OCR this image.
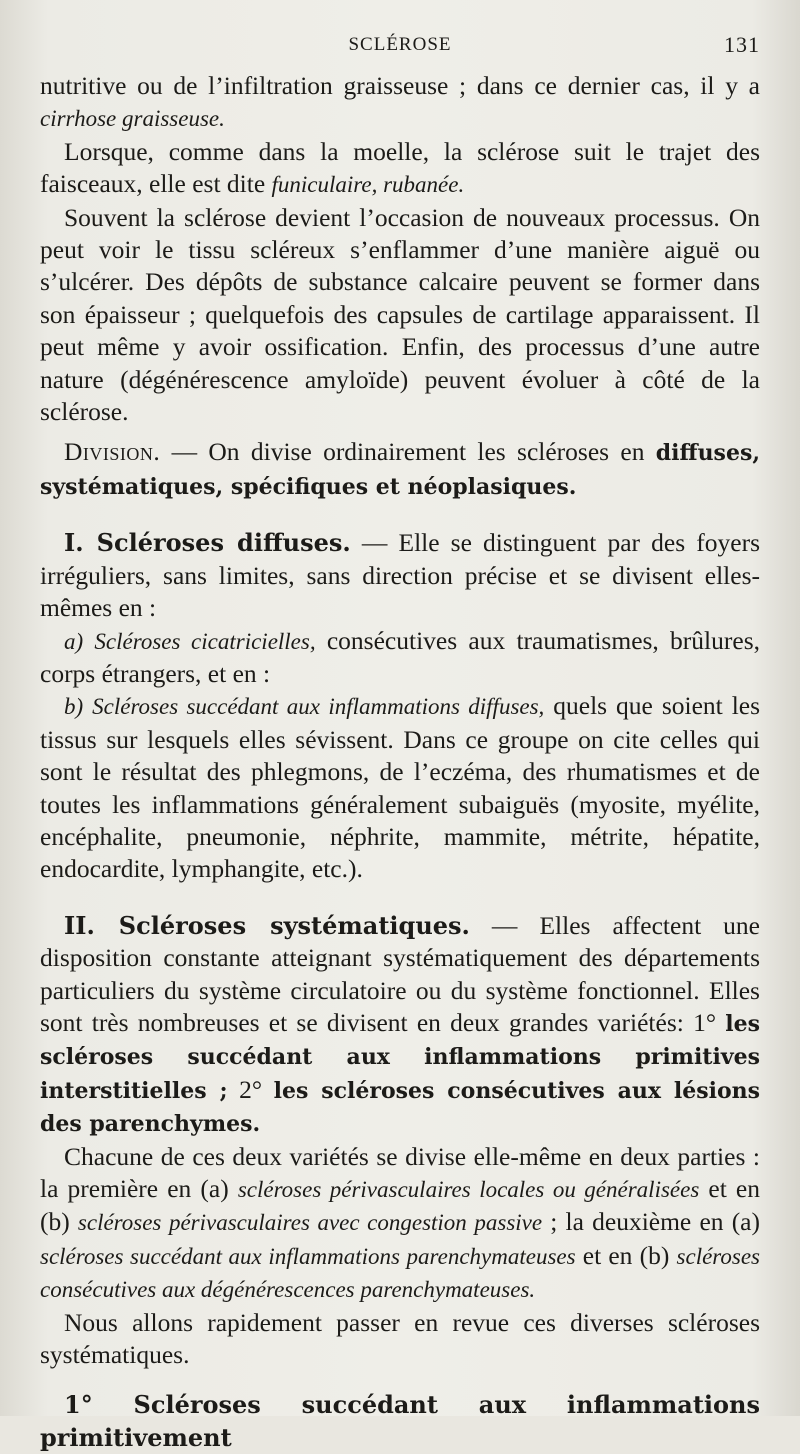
SCLÉROSE	131

nutritive ou de l’infiltration graisseuse ; dans ce dernier cas, il y a cirrhose graisseuse.

Lorsque, comme dans la moelle, la sclérose suit le trajet des faisceaux, elle est dite funiculaire, rubanée.

Souvent la sclérose devient l’occasion de nouveaux processus. On peut voir le tissu scléreux s’enflammer d’une manière aiguë ou s’ulcérer. Des dépôts de substance calcaire peuvent se former dans son épaisseur ; quelquefois des capsules de cartilage apparaissent. Il peut même y avoir ossification. Enfin, des processus d’une autre nature (dégénérescence amyloïde) peuvent évoluer à côté de la sclérose.

Division. — On divise ordinairement les scléroses en diffuses, systématiques, spécifiques et néoplasiques.

I. Scléroses diffuses. — Elle se distinguent par des foyers irréguliers, sans limites, sans direction précise et se divisent elles-mêmes en :

a) Scléroses cicatricielles, consécutives aux traumatismes, brûlures, corps étrangers, et en :

b) Scléroses succédant aux inflammations diffuses, quels que soient les tissus sur lesquels elles sévissent. Dans ce groupe on cite celles qui sont le résultat des phlegmons, de l’eczéma, des rhumatismes et de toutes les inflammations généralement subaiguës (myosite, myélite, encéphalite, pneumonie, néphrite, mammite, métrite, hépatite, endocardite, lymphangite, etc.).

II. Scléroses systématiques. — Elles affectent une disposition constante atteignant systématiquement des départements particuliers du système circulatoire ou du système fonctionnel. Elles sont très nombreuses et se divisent en deux grandes variétés: 1° les scléroses succédant aux inflammations primitives interstitielles ; 2° les scléroses consécutives aux lésions des parenchymes.

Chacune de ces deux variétés se divise elle-même en deux parties : la première en (a) scléroses périvasculaires locales ou généralisées et en (b) scléroses périvasculaires avec congestion passive ; la deuxième en (a) scléroses succédant aux inflammations parenchymateuses et en (b) scléroses consécutives aux dégénérescences parenchymateuses.

Nous allons rapidement passer en revue ces diverses scléroses systématiques.

1° Scléroses succédant aux inflammations primitivement
